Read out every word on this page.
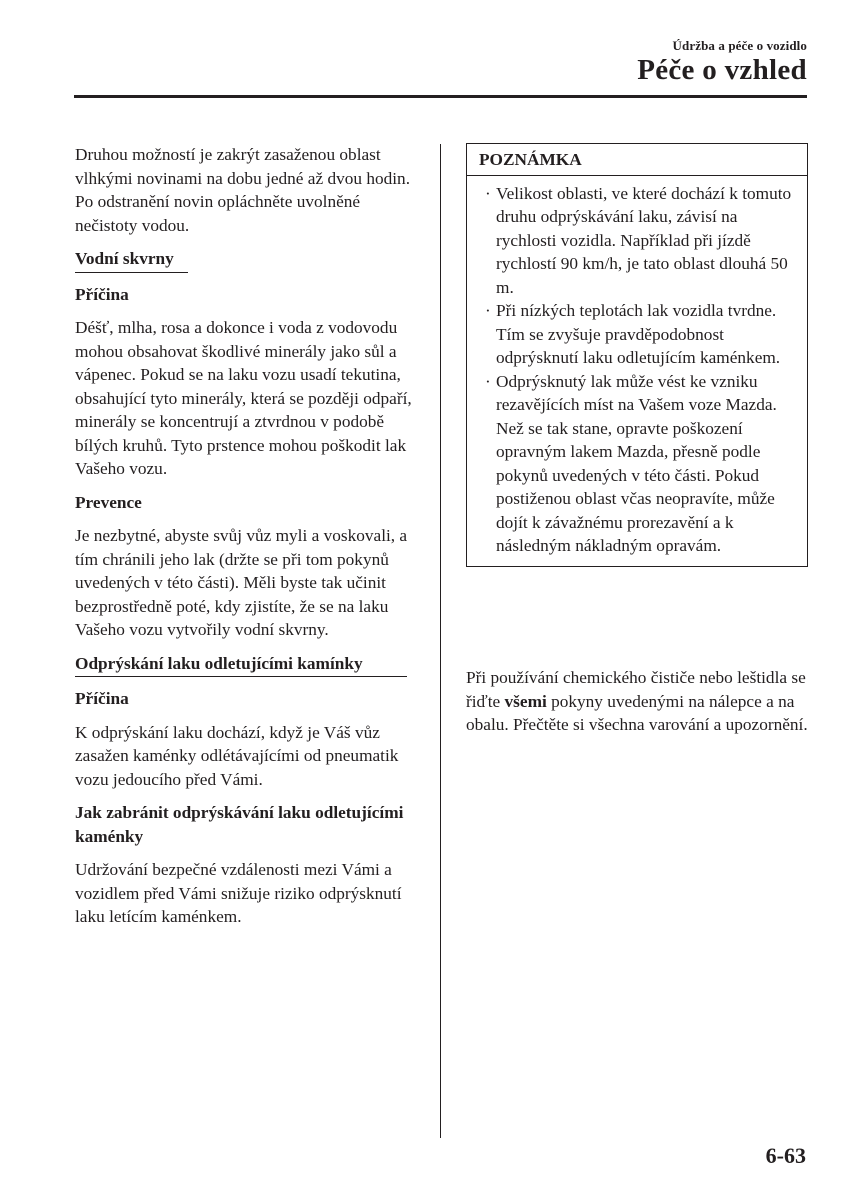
Údržba a péče o vozidlo
Péče o vzhled

Druhou možností je zakrýt zasaženou oblast vlhkými novinami na dobu jedné až dvou hodin. Po odstranění novin opláchněte uvolněné nečistoty vodou.

Vodní skvrny
Příčina

Déšť, mlha, rosa a dokonce i voda z vodovodu mohou obsahovat škodlivé minerály jako sůl a vápenec. Pokud se na laku vozu usadí tekutina, obsahující tyto minerály, která se později odpaří, minerály se koncentrují a ztvrdnou v podobě bílých kruhů. Tyto prstence mohou poškodit lak Vašeho vozu.

Prevence

Je nezbytné, abyste svůj vůz myli a voskovali, a tím chránili jeho lak (držte se při tom pokynů uvedených v této části). Měli byste tak učinit bezprostředně poté, kdy zjistíte, že se na laku Vašeho vozu vytvořily vodní skvrny.

Odprýskání laku odletujícími kamínky
Příčina

K odprýskání laku dochází, když je Váš vůz zasažen kaménky odlétávajícími od pneumatik vozu jedoucího před Vámi.

Jak zabránit odprýskávání laku odletujícími kaménky

Udržování bezpečné vzdálenosti mezi Vámi a vozidlem před Vámi snižuje riziko odprýsknutí laku letícím kaménkem.

POZNÁMKA
· Velikost oblasti, ve které dochází k tomuto druhu odprýskávání laku, závisí na rychlosti vozidla. Například při jízdě rychlostí 90 km/h, je tato oblast dlouhá 50 m.
· Při nízkých teplotách lak vozidla tvrdne. Tím se zvyšuje pravděpodobnost odprýsknutí laku odletujícím kaménkem.
· Odprýsknutý lak může vést ke vzniku rezavějících míst na Vašem voze Mazda. Než se tak stane, opravte poškození opravným lakem Mazda, přesně podle pokynů uvedených v této části. Pokud postiženou oblast včas neopravíte, může dojít k závažnému prorezavění a k následným nákladným opravám.
Při používání chemického čističe nebo leštidla se řiďte všemi pokyny uvedenými na nálepce a na obalu. Přečtěte si všechna varování a upozornění.
6-63
